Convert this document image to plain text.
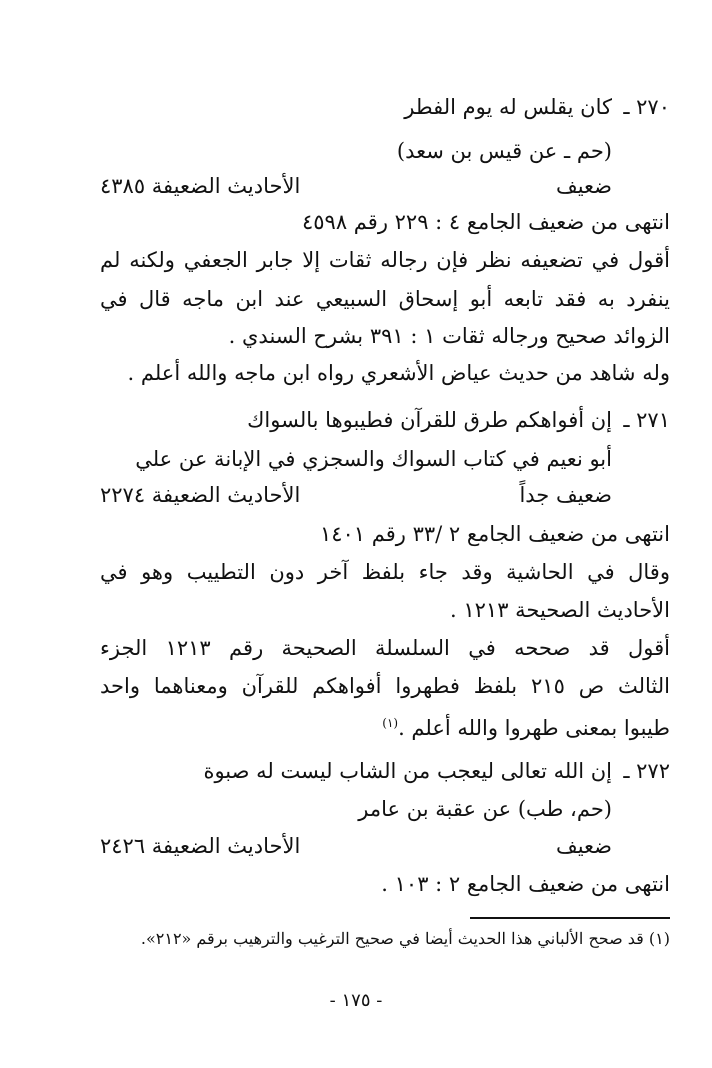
٢٧٠ ـ
كان يقلس له يوم الفطر
(حم ـ عن قيس بن سعد)
ضعيف
الأحاديث الضعيفة ٤٣٨٥
انتهى من ضعيف الجامع ٤ : ٢٢٩ رقم ٤٥٩٨
أقول في تضعيفه نظر فإن رجاله ثقات إلا جابر الجعفي ولكنه لم
ينفرد به فقد تابعه أبو إسحاق السبيعي عند ابن ماجه قال في
الزوائد صحيح ورجاله ثقات ١ : ٣٩١ بشرح السندي .
وله شاهد من حديث عياض الأشعري رواه ابن ماجه والله أعلم .
٢٧١ ـ
إن أفواهكم طرق للقرآن فطيبوها بالسواك
أبو نعيم في كتاب السواك والسجزي في الإبانة عن علي
ضعيف جداً
الأحاديث الضعيفة ٢٢٧٤
انتهى من ضعيف الجامع ٢ /٣٣ رقم ١٤٠١
وقال في الحاشية وقد جاء بلفظ آخر دون التطييب وهو في
الأحاديث الصحيحة ١٢١٣ .
أقول قد صححه في السلسلة الصحيحة رقم ١٢١٣ الجزء
الثالث ص ٢١٥ بلفظ فطهروا أفواهكم للقرآن ومعناهما واحد
طيبوا بمعنى طهروا والله أعلم .$^{(١)}$
٢٧٢ ـ
إن الله تعالى ليعجب من الشاب ليست له صبوة
(حم، طب) عن عقبة بن عامر
ضعيف
الأحاديث الضعيفة ٢٤٢٦
انتهى من ضعيف الجامع ٢ : ١٠٣ .
(١) قد صحح الألباني هذا الحديث أيضا في صحيح الترغيب والترهيب برقم «٢١٢».
- ١٧٥ -
